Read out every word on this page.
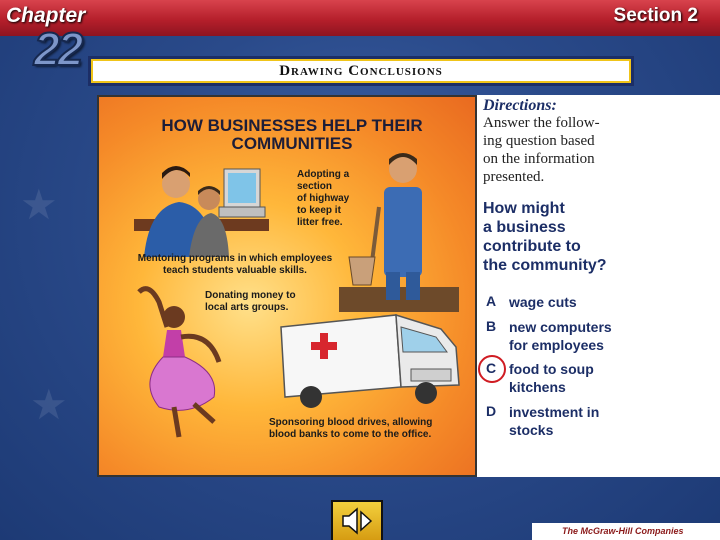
★
★
Chapter
22
Section 2
Drawing Conclusions
HOW BUSINESSES HELP THEIR COMMUNITIES
Adopting a
section
of highway
to keep it
litter free.
Mentoring programs in which employees
teach students valuable skills.
Donating money to
local arts groups.
Sponsoring blood drives, allowing
blood banks to come to the office.
Directions:
Answer the follow-
ing question based
on the information
presented.
How might
a business
contribute to
the community?
A wage cuts
B new computers
for employees
C food to soup
kitchens
D investment in
stocks
The McGraw-Hill Companies
